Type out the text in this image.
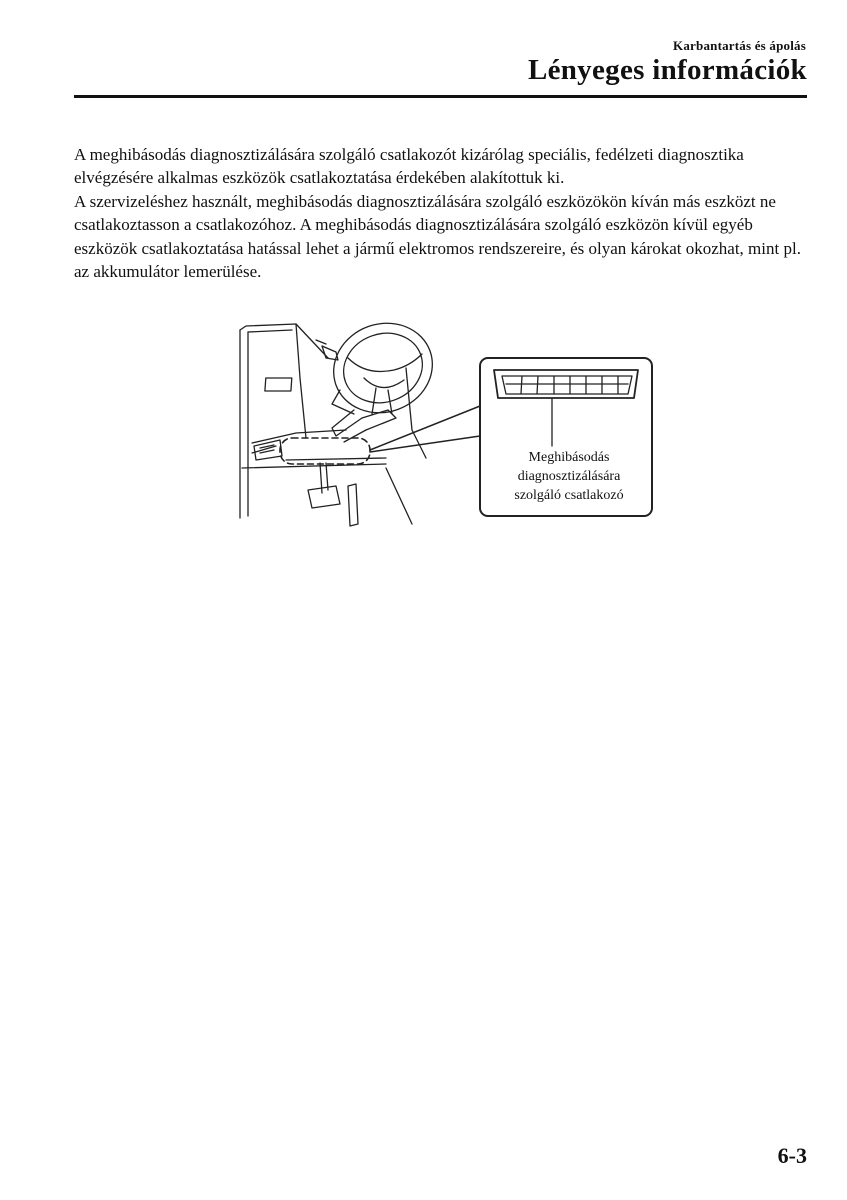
Karbantartás és ápolás
Lényeges információk

A meghibásodás diagnosztizálására szolgáló csatlakozót kizárólag speciális, fedélzeti diagnosztika elvégzésére alkalmas eszközök csatlakoztatása érdekében alakítottuk ki.

A szervizeléshez használt, meghibásodás diagnosztizálására szolgáló eszközökön kíván más eszközt ne csatlakoztasson a csatlakozóhoz. A meghibásodás diagnosztizálására szolgáló eszközön kívül egyéb eszközök csatlakoztatása hatással lehet a jármű elektromos rendszereire, és olyan károkat okozhat, mint pl. az akkumulátor lemerülése.

Meghibásodás
diagnosztizálására
szolgáló csatlakozó
6-3
